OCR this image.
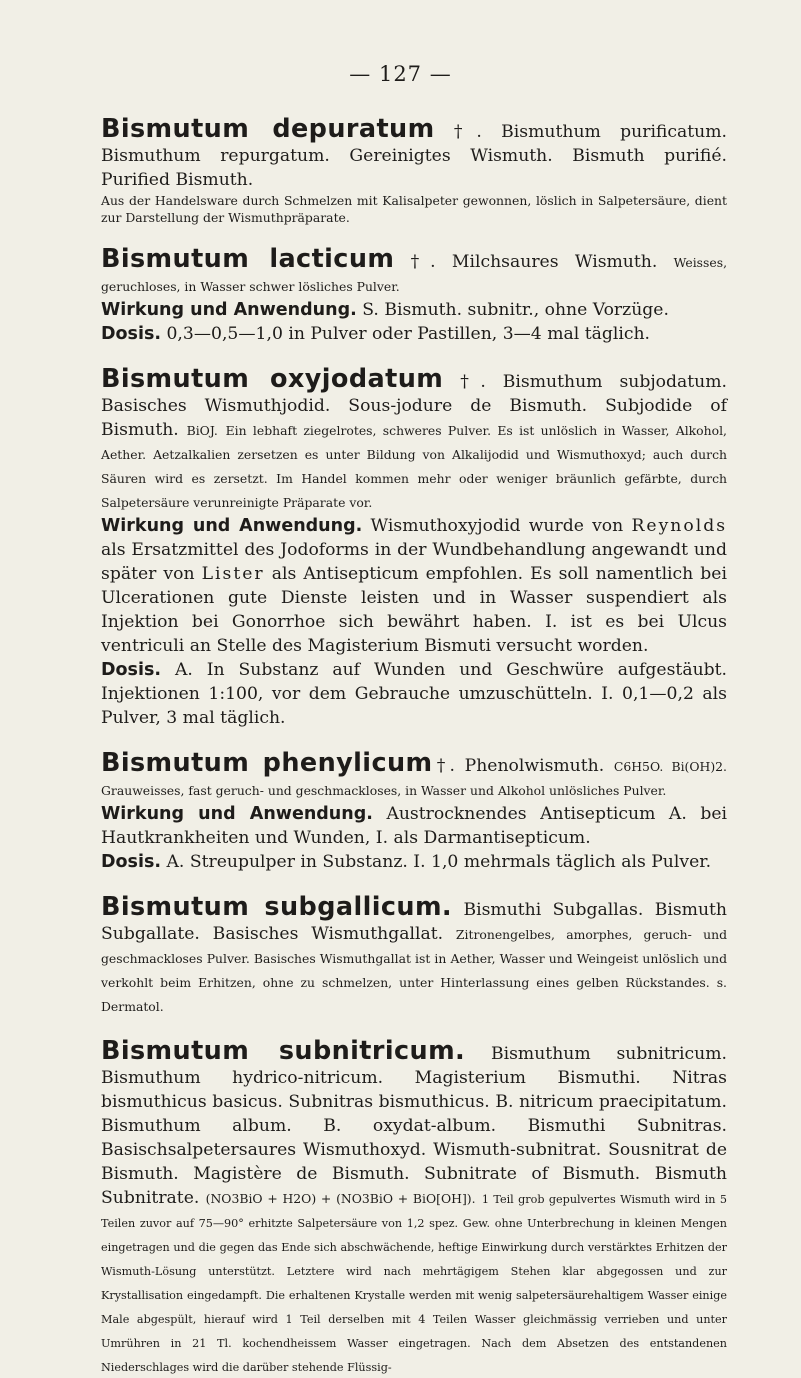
— 127 —

Bismutum depuratum †. Bismuthum purificatum. Bismuthum repurgatum. Gereinigtes Wismuth. Bismuth purifié. Purified Bismuth.

Aus der Handelsware durch Schmelzen mit Kalisalpeter gewonnen, löslich in Salpetersäure, dient zur Darstellung der Wismuthpräparate.

Bismutum lacticum †. Milchsaures Wismuth. Weisses, geruchloses, in Wasser schwer lösliches Pulver.

Wirkung und Anwendung. S. Bismuth. subnitr., ohne Vorzüge.

Dosis. 0,3—0,5—1,0 in Pulver oder Pastillen, 3—4 mal täglich.

Bismutum oxyjodatum †. Bismuthum subjodatum. Basisches Wismuthjodid. Sous-jodure de Bismuth. Subjodide of Bismuth. BiOJ. Ein lebhaft ziegelrotes, schweres Pulver. Es ist unlöslich in Wasser, Alkohol, Aether. Aetzalkalien zersetzen es unter Bildung von Alkalijodid und Wismuthoxyd; auch durch Säuren wird es zersetzt. Im Handel kommen mehr oder weniger bräunlich gefärbte, durch Salpetersäure verunreinigte Präparate vor.

Wirkung und Anwendung. Wismuthoxyjodid wurde von Reynolds als Ersatzmittel des Jodoforms in der Wundbehandlung angewandt und später von Lister als Antisepticum empfohlen. Es soll namentlich bei Ulcerationen gute Dienste leisten und in Wasser suspendiert als Injektion bei Gonorrhoe sich bewährt haben. I. ist es bei Ulcus ventriculi an Stelle des Magisterium Bismuti versucht worden.

Dosis. A. In Substanz auf Wunden und Geschwüre aufgestäubt. Injektionen 1:100, vor dem Gebrauche umzuschütteln. I. 0,1—0,2 als Pulver, 3 mal täglich.

Bismutum phenylicum†. Phenolwismuth. C6H5O. Bi(OH)2. Grauweisses, fast geruch- und geschmackloses, in Wasser und Alkohol unlösliches Pulver.

Wirkung und Anwendung. Austrocknendes Antisepticum A. bei Hautkrankheiten und Wunden, I. als Darmantisepticum.

Dosis. A. Streupulper in Substanz. I. 1,0 mehrmals täglich als Pulver.

Bismutum subgallicum. Bismuthi Subgallas. Bismuth Subgallate. Basisches Wismuthgallat. Zitronengelbes, amorphes, geruch- und geschmackloses Pulver. Basisches Wismuthgallat ist in Aether, Wasser und Weingeist unlöslich und verkohlt beim Erhitzen, ohne zu schmelzen, unter Hinterlassung eines gelben Rückstandes. s. Dermatol.

Bismutum subnitricum. Bismuthum subnitricum. Bismuthum hydrico-nitricum. Magisterium Bismuthi. Nitras bismuthicus basicus. Subnitras bismuthicus. B. nitricum praecipitatum. Bismuthum album. B. oxydat-album. Bismuthi Subnitras. Basischsalpetersaures Wismuthoxyd. Wismuth-subnitrat. Sousnitrat de Bismuth. Magistère de Bismuth. Subnitrate of Bismuth. Bismuth Subnitrate. (NO3BiO + H2O) + (NO3BiO + BiO[OH]). 1 Teil grob gepulvertes Wismuth wird in 5 Teilen zuvor auf 75—90° erhitzte Salpetersäure von 1,2 spez. Gew. ohne Unterbrechung in kleinen Mengen eingetragen und die gegen das Ende sich abschwächende, heftige Einwirkung durch verstärktes Erhitzen der Wismuth-Lösung unterstützt. Letztere wird nach mehrtägigem Stehen klar abgegossen und zur Krystallisation eingedampft. Die erhaltenen Krystalle werden mit wenig salpetersäurehaltigem Wasser einige Male abgespült, hierauf wird 1 Teil derselben mit 4 Teilen Wasser gleichmässig verrieben und unter Umrühren in 21 Tl. kochendheissem Wasser eingetragen. Nach dem Absetzen des entstandenen Niederschlages wird die darüber stehende Flüssig-
